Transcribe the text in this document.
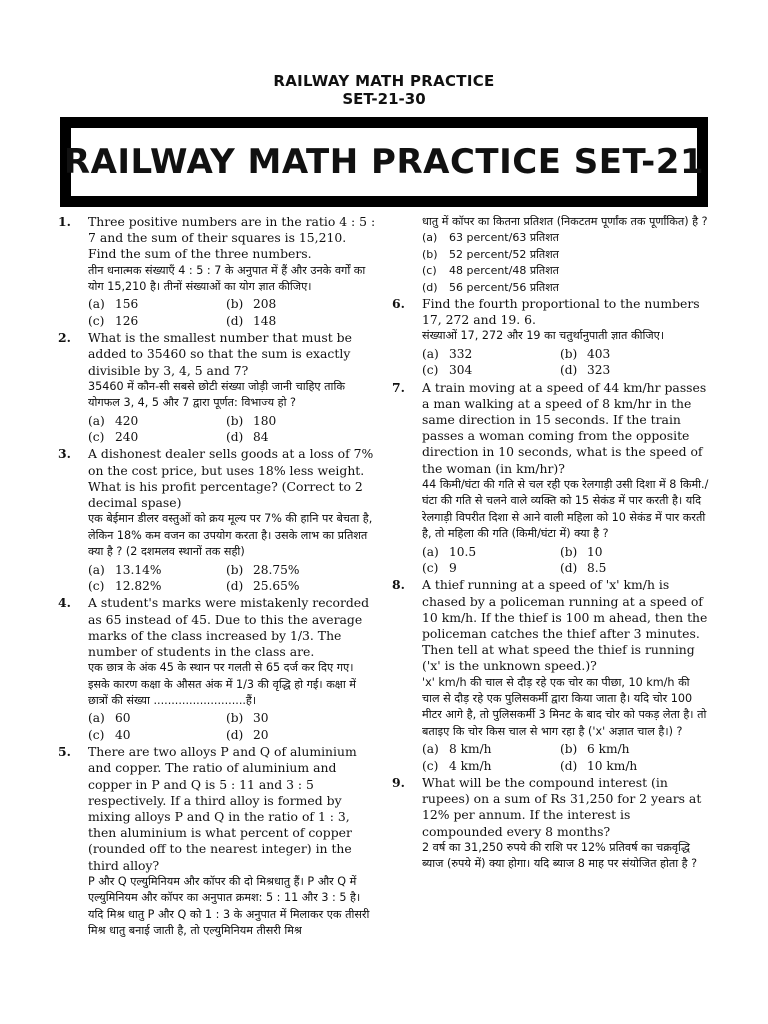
RAILWAY MATH PRACTICE
SET-21-30
RAILWAY MATH PRACTICE SET-21
1. Three positive numbers are in the ratio 4 : 5 : 7 and the sum of their squares is 15,210. Find the sum of the three numbers.

तीन धनात्मक संख्याएँ 4 : 5 : 7 के अनुपात में हैं और उनके वर्गों का योग 15,210 है। तीनों संख्याओं का योग ज्ञात कीजिए।

(a) 156	(b) 208
(c) 126	(d) 148
2. What is the smallest number that must be added to 35460 so that the sum is exactly divisible by 3, 4, 5 and 7?

35460 में कौन-सी सबसे छोटी संख्या जोड़ी जानी चाहिए ताकि योगफल 3, 4, 5 और 7 द्वारा पूर्णत: विभाज्य हो ?

(a) 420	(b) 180
(c) 240	(d) 84
3. A dishonest dealer sells goods at a loss of 7% on the cost price, but uses 18% less weight. What is his profit percentage? (Correct to 2 decimal spase)

एक बेईमान डीलर वस्तुओं को क्रय मूल्य पर 7% की हानि पर बेचता है, लेकिन 18% कम वजन का उपयोग करता है। उसके लाभ का प्रतिशत क्या है ? (2 दशमलव स्थानों तक सही)

(a) 13.14%	(b) 28.75%
(c) 12.82%	(d) 25.65%
4. A student's marks were mistakenly recorded as 65 instead of 45. Due to this the average marks of the class increased by 1/3. The number of students in the class are.

एक छात्र के अंक 45 के स्थान पर गलती से 65 दर्ज कर दिए गए। इसके कारण कक्षा के औसत अंक में 1/3 की वृद्धि हो गई। कक्षा में छात्रों की संख्या ..........................हैं।

(a) 60	(b) 30
(c) 40	(d) 20
5. There are two alloys P and Q of aluminium and copper. The ratio of aluminium and copper in P and Q is 5 : 11 and 3 : 5 respectively. If a third alloy is formed by mixing alloys P and Q in the ratio of 1 : 3, then aluminium is what percent of copper (rounded off to the nearest integer) in the third alloy?

P और Q एल्युमिनियम और कॉपर की दो मिश्रधातु हैं। P और Q में एल्युमिनियम और कॉपर का अनुपात क्रमश: 5 : 11 और 3 : 5 है। यदि मिश्र धातु P और Q को 1 : 3 के अनुपात में मिलाकर एक तीसरी मिश्र धातु बनाई जाती है, तो एल्युमिनियम तीसरी मिश्र

धातु में कॉपर का कितना प्रतिशत (निकटतम पूर्णांक तक पूर्णांकित) है ?

(a) 63 percent/63 प्रतिशत
(b) 52 percent/52 प्रतिशत
(c) 48 percent/48 प्रतिशत
(d) 56 percent/56 प्रतिशत
6. Find the fourth proportional to the numbers 17, 272 and 19. 6.

संख्याओं 17, 272 और 19 का चतुर्थानुपाती ज्ञात कीजिए।

(a) 332	(b) 403
(c) 304	(d) 323
7. A train moving at a speed of 44 km/hr passes a man walking at a speed of 8 km/hr in the same direction in 15 seconds. If the train passes a woman coming from the opposite direction in 10 seconds, what is the speed of the woman (in km/hr)?

44 किमी/घंटा की गति से चल रही एक रेलगाड़ी उसी दिशा में 8 किमी./घंटा की गति से चलने वाले व्यक्ति को 15 सेकंड में पार करती है। यदि रेलगाड़ी विपरीत दिशा से आने वाली महिला को 10 सेकंड में पार करती है, तो महिला की गति (किमी/घंटा में) क्या है ?

(a) 10.5	(b) 10
(c) 9	(d) 8.5
8. A thief running at a speed of 'x' km/h is chased by a policeman running at a speed of 10 km/h. If the thief is 100 m ahead, then the policeman catches the thief after 3 minutes. Then tell at what speed the thief is running ('x' is the unknown speed.)?

'x' km/h की चाल से दौड़ रहे एक चोर का पीछा, 10 km/h की चाल से दौड़ रहे एक पुलिसकर्मी द्वारा किया जाता है। यदि चोर 100 मीटर आगे है, तो पुलिसकर्मी 3 मिनट के बाद चोर को पकड़ लेता है। तो बताइए कि चोर किस चाल से भाग रहा है ('x' अज्ञात चाल है।) ?

(a) 8 km/h	(b) 6 km/h
(c) 4 km/h	(d) 10 km/h
9. What will be the compound interest (in rupees) on a sum of Rs 31,250 for 2 years at 12% per annum. If the interest is compounded every 8 months?

2 वर्ष का 31,250 रुपये की राशि पर 12% प्रतिवर्ष का चक्रवृद्धि ब्याज (रुपये में) क्या होगा। यदि ब्याज 8 माह पर संयोजित होता है ?
